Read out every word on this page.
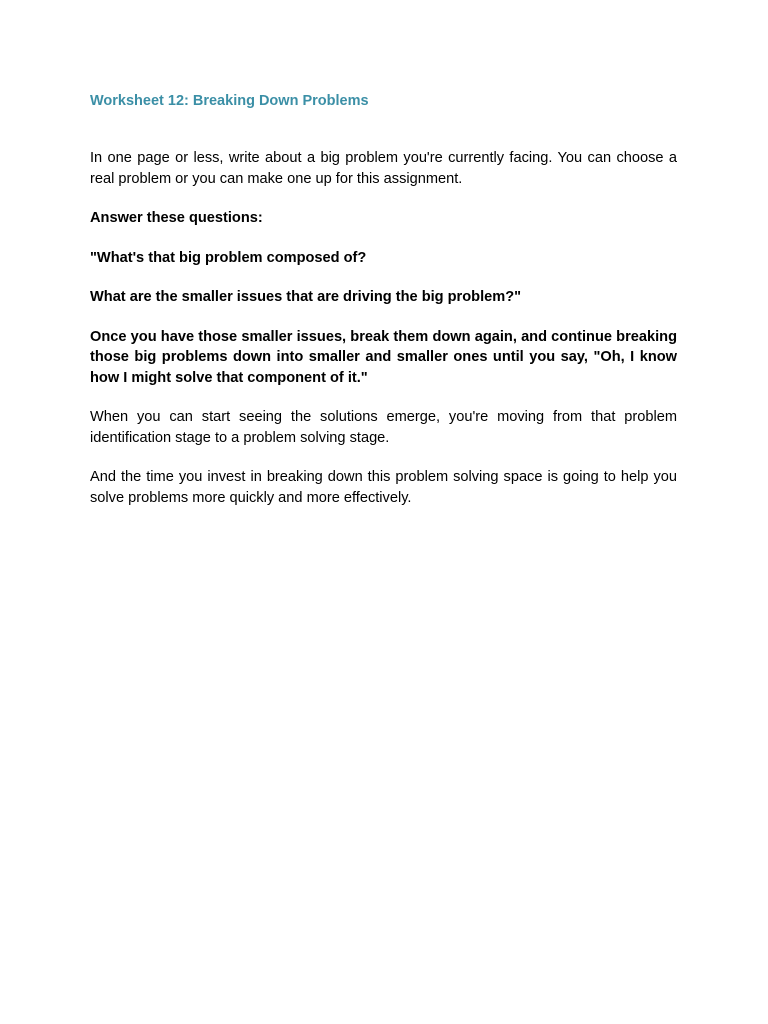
Worksheet 12: Breaking Down Problems

In one page or less, write about a big problem you're currently facing. You can choose a real problem or you can make one up for this assignment.

Answer these questions:

"What's that big problem composed of?

What are the smaller issues that are driving the big problem?"

Once you have those smaller issues, break them down again, and continue breaking those big problems down into smaller and smaller ones until you say, "Oh, I know how I might solve that component of it."

When you can start seeing the solutions emerge, you're moving from that problem identification stage to a problem solving stage.

And the time you invest in breaking down this problem solving space is going to help you solve problems more quickly and more effectively.
